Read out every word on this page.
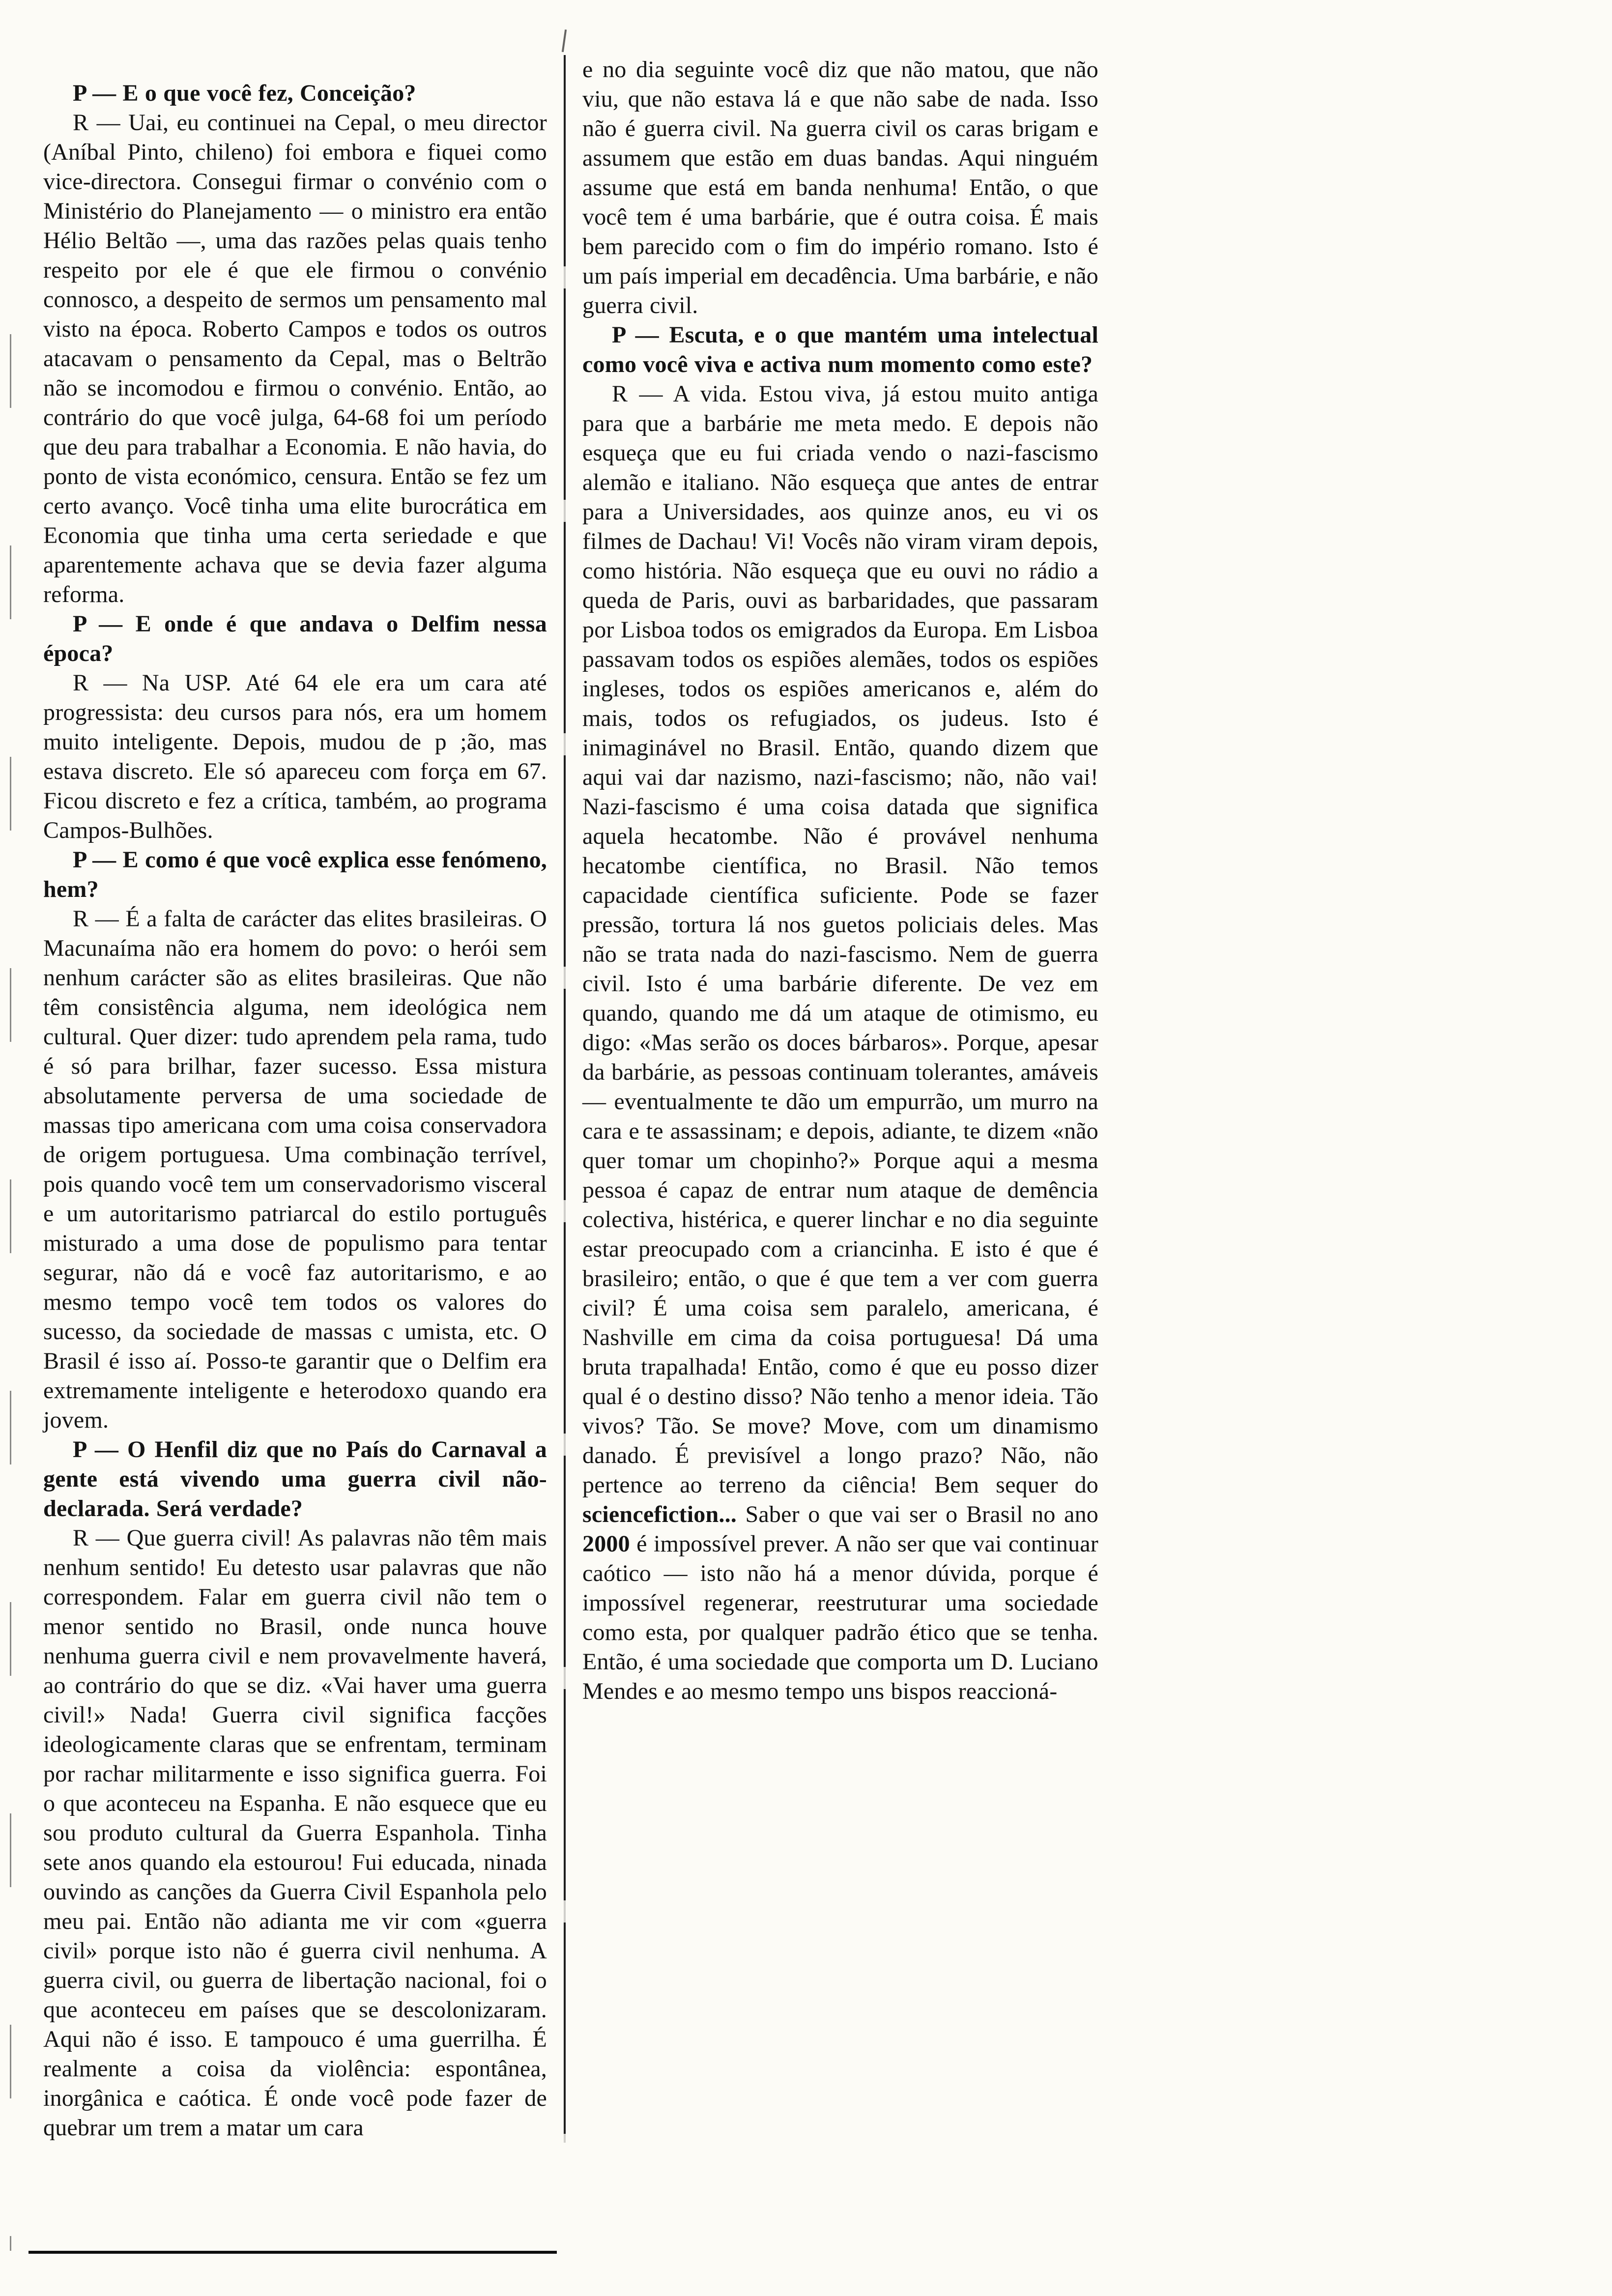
P — E o que você fez, Conceição?

R — Uai, eu continuei na Cepal, o meu director (Aníbal Pinto, chileno) foi embora e fiquei como vice-directora. Consegui firmar o convénio com o Ministério do Planejamento — o ministro era então Hélio Beltão —, uma das razões pelas quais tenho respeito por ele é que ele firmou o convénio connosco, a despeito de sermos um pensamento mal visto na época. Roberto Campos e todos os outros atacavam o pensamento da Cepal, mas o Beltrão não se incomodou e firmou o convénio. Então, ao contrário do que você julga, 64-68 foi um período que deu para trabalhar a Economia. E não havia, do ponto de vista económico, censura. Então se fez um certo avanço. Você tinha uma elite burocrática em Economia que tinha uma certa seriedade e que aparentemente achava que se devia fazer alguma reforma.

P — E onde é que andava o Delfim nessa época?

R — Na USP. Até 64 ele era um cara até progressista: deu cursos para nós, era um homem muito inteligente. Depois, mudou de p ;ão, mas estava discreto. Ele só apareceu com força em 67. Ficou discreto e fez a crítica, também, ao programa Campos-Bulhões.

P — E como é que você explica esse fenómeno, hem?

R — É a falta de carácter das elites brasileiras. O Macunaíma não era homem do povo: o herói sem nenhum carácter são as elites brasileiras. Que não têm consistência alguma, nem ideológica nem cultural. Quer dizer: tudo aprendem pela rama, tudo é só para brilhar, fazer sucesso. Essa mistura absolutamente perversa de uma sociedade de massas tipo americana com uma coisa conservadora de origem portuguesa. Uma combinação terrível, pois quando você tem um conservadorismo visceral e um autoritarismo patriarcal do estilo português misturado a uma dose de populismo para tentar segurar, não dá e você faz autoritarismo, e ao mesmo tempo você tem todos os valores do sucesso, da sociedade de massas c umista, etc. O Brasil é isso aí. Posso-te garantir que o Delfim era extremamente inteligente e heterodoxo quando era jovem.

P — O Henfil diz que no País do Carnaval a gente está vivendo uma guerra civil não-declarada. Será verdade?

R — Que guerra civil! As palavras não têm mais nenhum sentido! Eu detesto usar palavras que não correspondem. Falar em guerra civil não tem o menor sentido no Brasil, onde nunca houve nenhuma guerra civil e nem provavelmente haverá, ao contrário do que se diz. «Vai haver uma guerra civil!» Nada! Guerra civil significa facções ideologicamente claras que se enfrentam, terminam por rachar militarmente e isso significa guerra. Foi o que aconteceu na Espanha. E não esquece que eu sou produto cultural da Guerra Espanhola. Tinha sete anos quando ela estourou! Fui educada, ninada ouvindo as canções da Guerra Civil Espanhola pelo meu pai. Então não adianta me vir com «guerra civil» porque isto não é guerra civil nenhuma. A guerra civil, ou guerra de libertação nacional, foi o que aconteceu em países que se descolonizaram. Aqui não é isso. E tampouco é uma guerrilha. É realmente a coisa da violência: espontânea, inorgânica e caótica. É onde você pode fazer de quebrar um trem a matar um cara

e no dia seguinte você diz que não matou, que não viu, que não estava lá e que não sabe de nada. Isso não é guerra civil. Na guerra civil os caras brigam e assumem que estão em duas bandas. Aqui ninguém assume que está em banda nenhuma! Então, o que você tem é uma barbárie, que é outra coisa. É mais bem parecido com o fim do império romano. Isto é um país imperial em decadência. Uma barbárie, e não guerra civil.

P — Escuta, e o que mantém uma intelectual como você viva e activa num momento como este?

R — A vida. Estou viva, já estou muito antiga para que a barbárie me meta medo. E depois não esqueça que eu fui criada vendo o nazi-fascismo alemão e italiano. Não esqueça que antes de entrar para a Universidades, aos quinze anos, eu vi os filmes de Dachau! Vi! Vocês não viram viram depois, como história. Não esqueça que eu ouvi no rádio a queda de Paris, ouvi as barbaridades, que passaram por Lisboa todos os emigrados da Europa. Em Lisboa passavam todos os espiões alemães, todos os espiões ingleses, todos os espiões americanos e, além do mais, todos os refugiados, os judeus. Isto é inimaginável no Brasil. Então, quando dizem que aqui vai dar nazismo, nazi-fascismo; não, não vai! Nazi-fascismo é uma coisa datada que significa aquela hecatombe. Não é provável nenhuma hecatombe científica, no Brasil. Não temos capacidade científica suficiente. Pode se fazer pressão, tortura lá nos guetos policiais deles. Mas não se trata nada do nazi-fascismo. Nem de guerra civil. Isto é uma barbárie diferente. De vez em quando, quando me dá um ataque de otimismo, eu digo: «Mas serão os doces bárbaros». Porque, apesar da barbárie, as pessoas continuam tolerantes, amáveis — eventualmente te dão um empurrão, um murro na cara e te assassinam; e depois, adiante, te dizem «não quer tomar um chopinho?» Porque aqui a mesma pessoa é capaz de entrar num ataque de demência colectiva, histérica, e querer linchar e no dia seguinte estar preocupado com a criancinha. E isto é que é brasileiro; então, o que é que tem a ver com guerra civil? É uma coisa sem paralelo, americana, é Nashville em cima da coisa portuguesa! Dá uma bruta trapalhada! Então, como é que eu posso dizer qual é o destino disso? Não tenho a menor ideia. Tão vivos? Tão. Se move? Move, com um dinamismo danado. É previsível a longo prazo? Não, não pertence ao terreno da ciência! Bem sequer do sciencefiction... Saber o que vai ser o Brasil no ano 2000 é impossível prever. A não ser que vai continuar caótico — isto não há a menor dúvida, porque é impossível regenerar, reestruturar uma sociedade como esta, por qualquer padrão ético que se tenha. Então, é uma sociedade que comporta um D. Luciano Mendes e ao mesmo tempo uns bispos reaccioná-
